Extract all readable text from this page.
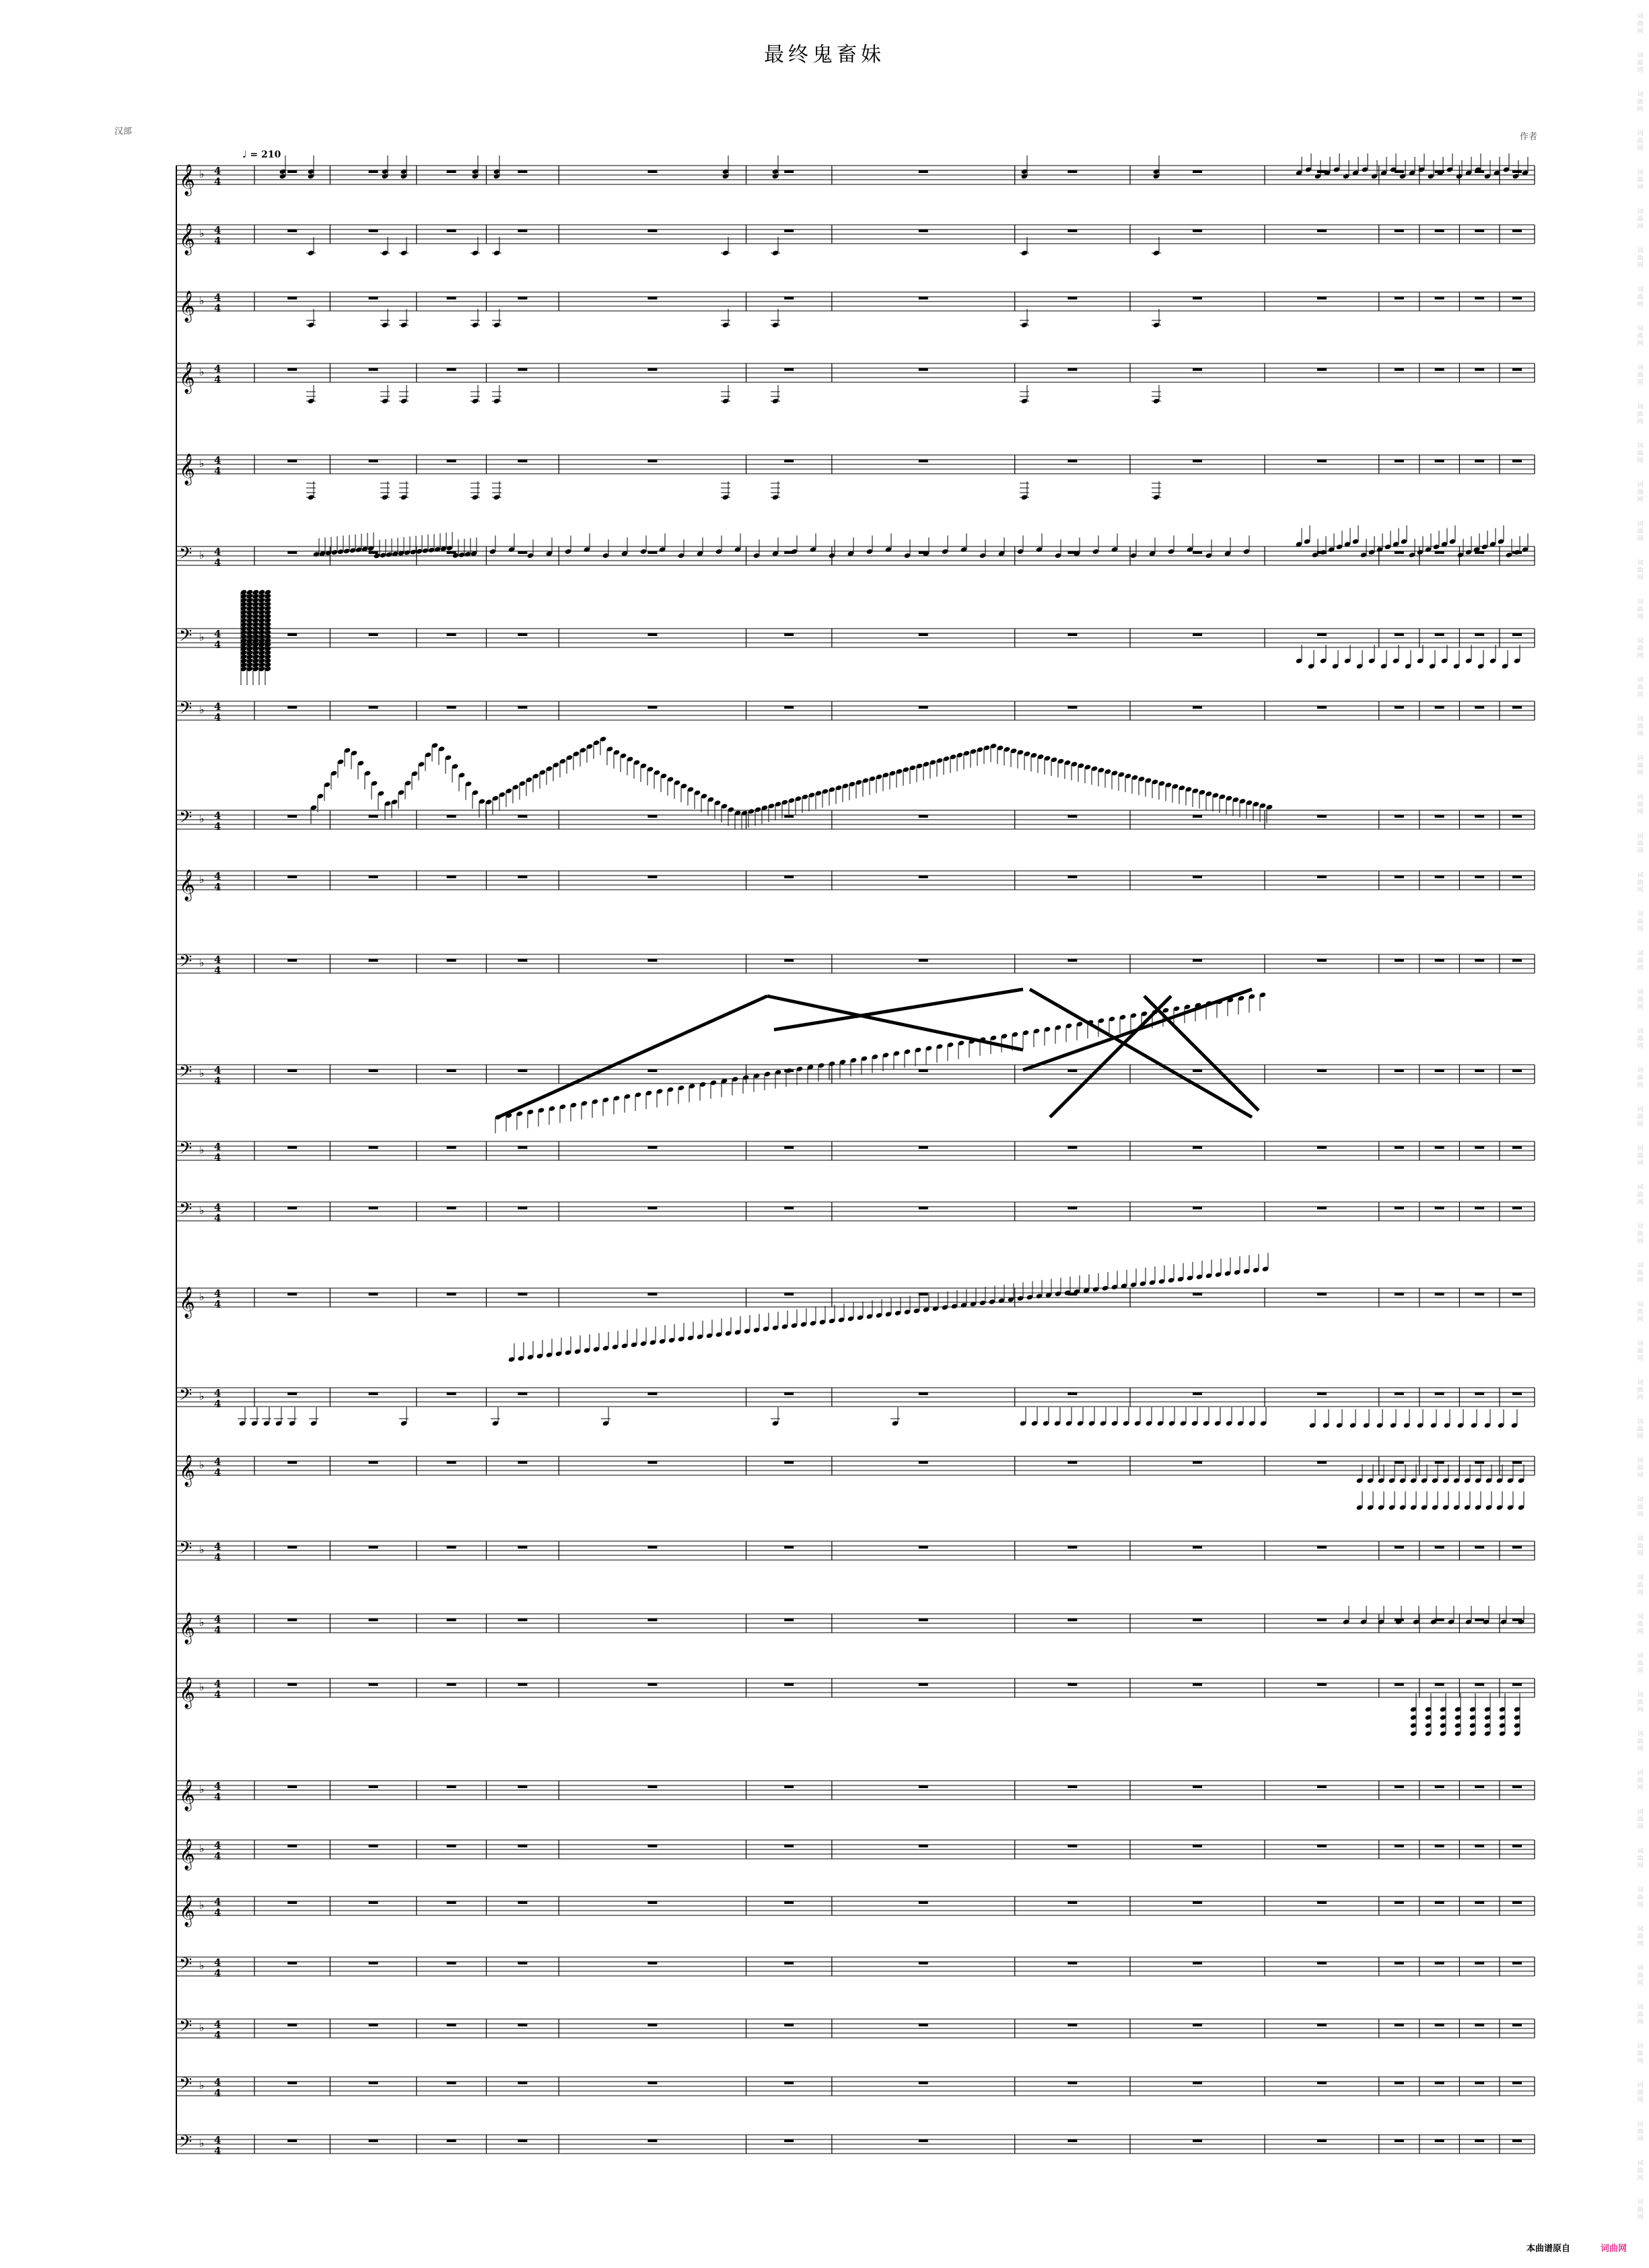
最终鬼畜妹
汉部
作者
♩ = 210
词曲网
词曲网
词曲网
词曲网
词曲网
词曲网
词曲网
词曲网
词曲网
词曲网
词曲网
词曲网
词曲网
词曲网
词曲网
词曲网
词曲网
词曲网
词曲网
词曲网
词曲网
词曲网
词曲网
词曲网
词曲网
词曲网
词曲网
词曲网
词曲网
词曲网
词曲网
词曲网
词曲网
词曲网
词曲网
词曲网
词曲网
词曲网
词曲网
词曲网
词曲网
词曲网
词曲网
词曲网
词曲网
词曲网
词曲网
词曲网
词曲网
词曲网
词曲网
词曲网
词曲网
词曲网
词曲网
词曲网
词曲网
𝄞 ♭ 4
4
𝄞 ♭ 4
4
𝄞 ♭ 4
4
𝄞 ♭ 4
4
𝄞 ♭ 4
4
𝄢 ♭ 4
4
𝄢 ♭ 4
4
𝄢 ♭ 4
4
𝄢 ♭ 4
4
𝄞 ♭ 4
4
𝄢 ♭ 4
4
𝄢 ♭ 4
4
𝄢 ♭ 4
4
𝄢 ♭ 4
4
𝄞 ♭ 4
4
𝄢 ♭ 4
4
𝄞 ♭ 4
4
𝄢 ♭ 4
4
𝄞 ♭ 4
4
𝄞 ♭ 4
4
𝄞 ♭ 4
4
𝄞 ♭ 4
4
𝄞 ♭ 4
4
𝄢 ♭ 4
4
𝄢 ♭ 4
4
𝄢 ♭ 4
4
𝄢 ♭ 4
4
本曲谱原自	词曲网
